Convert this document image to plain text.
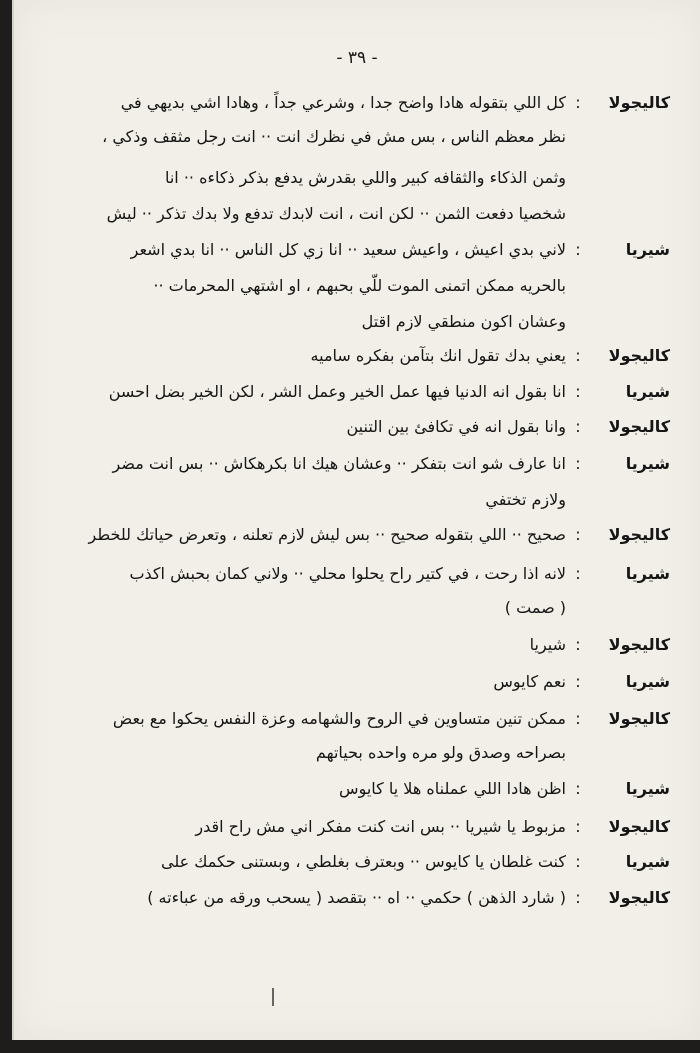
- ٣٩ -
كاليجولا:كل اللي بتقوله هادا واضح جدا ، وشرعي جداً ، وهادا اشي بديهي في
نظر معظم الناس ، بس مش في نظرك انت ·· انت رجل مثقف وذكي ،
وثمن الذكاء والثقافه كبير واللي بقدرش يدفع بذكر ذكاءه ·· انا
شخصيا دفعت الثمن ·· لكن انت ، انت لابدك تدفع ولا بدك تذكر ·· ليش
شيريا:لاني بدي اعيش ، واعيش سعيد ·· انا زي كل الناس ·· انا بدي اشعر
بالحريه ممكن اتمنى الموت للّي بحبهم ، او اشتهي المحرمات ··
وعشان اكون منطقي لازم اقتل
كاليجولا:يعني بدك تقول انك بتآمن بفكره ساميه
شيريا:انا بقول انه الدنيا فيها عمل الخير وعمل الشر ، لكن الخير بضل احسن
كاليجولا:وانا بقول انه في تكافئ بين التنين
شيريا:انا عارف شو انت بتفكر ·· وعشان هيك انا بكرهكاش ·· بس انت مضر
ولازم تختفي
كاليجولا:صحيح ·· اللي بتقوله صحيح ·· بس ليش لازم تعلنه ، وتعرض حياتك للخطر
شيريا:لانه اذا رحت ، في كتير راح يحلوا محلي ·· ولاني كمان بحبش اكذب
( صمت )
كاليجولا:شيريا
شيريا:نعم كايوس
كاليجولا:ممكن تنين متساوين في الروح والشهامه وعزة النفس يحكوا مع بعض
بصراحه وصدق ولو مره واحده بحياتهم
شيريا:اظن هادا اللي عملناه هلا يا كايوس
كاليجولا:مزبوط يا شيريا ·· بس انت كنت مفكر اني مش راح اقدر
شيريا:كنت غلطان يا كايوس ·· وبعترف بغلطي ، وبستنى حكمك على
كاليجولا:( شارد الذهن ) حكمي ·· اه ·· بتقصد ( يسحب ورقه من عباءته )
